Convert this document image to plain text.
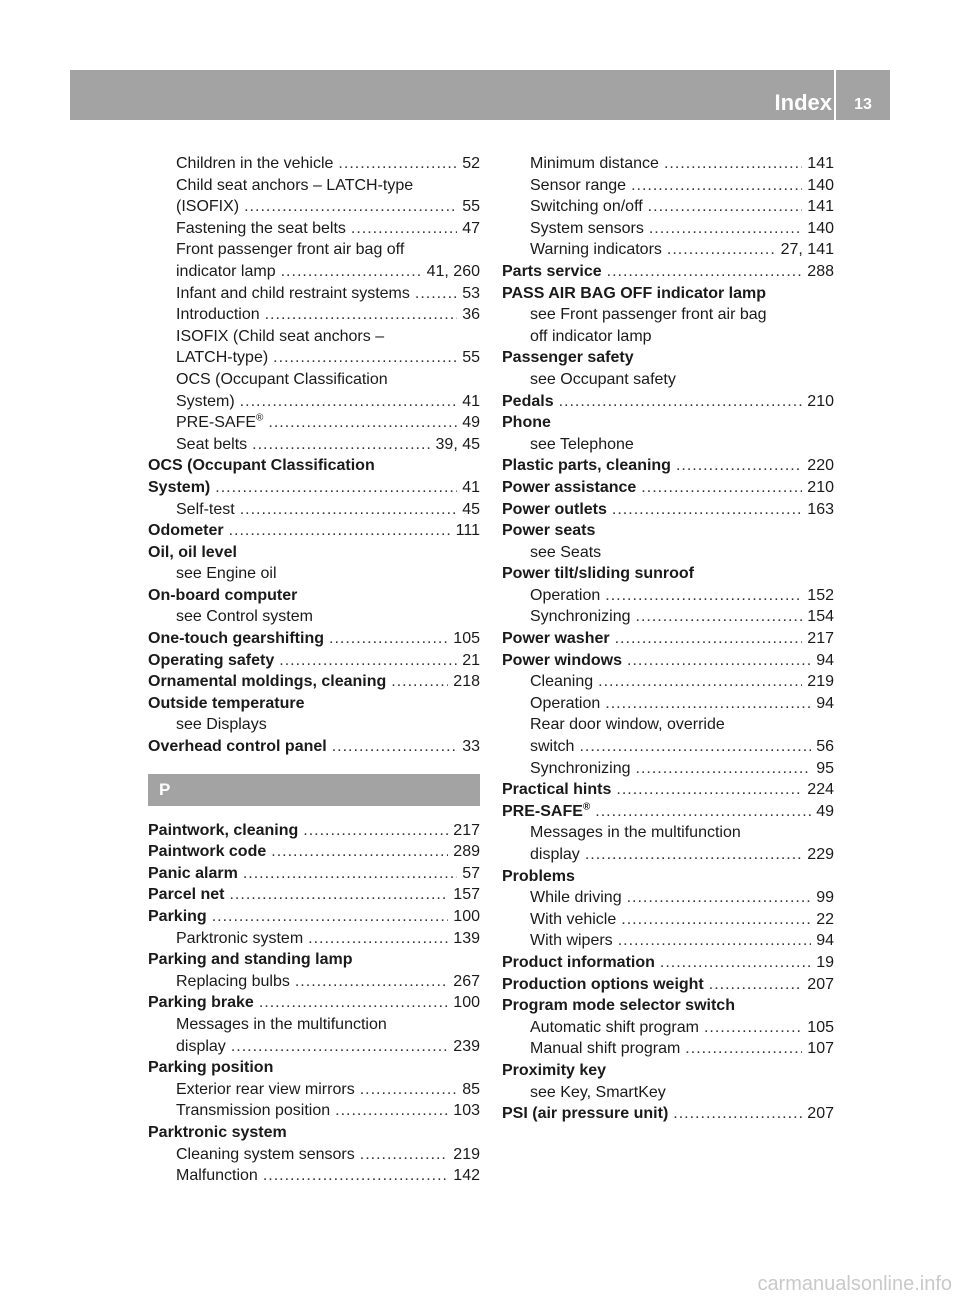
Index	13
Children in the vehicle .....	52
Child seat anchors – LATCH-type
(ISOFIX) .....	55
Fastening the seat belts .....	47
Front passenger front air bag off
indicator lamp .....	41, 260
Infant and child restraint systems .....	53
Introduction .....	36
ISOFIX (Child seat anchors –
LATCH-type) .....	55
OCS (Occupant Classification
System) .....	41
PRE-SAFE® .....	49
Seat belts .....	39, 45
OCS (Occupant Classification
System) .....	41
Self-test .....	45
Odometer .....	111
Oil, oil level
see Engine oil
On-board computer
see Control system
One-touch gearshifting .....	105
Operating safety .....	21
Ornamental moldings, cleaning .....	218
Outside temperature
see Displays
Overhead control panel .....	33
P
Paintwork, cleaning .....	217
Paintwork code .....	289
Panic alarm .....	57
Parcel net .....	157
Parking .....	100
Parktronic system .....	139
Parking and standing lamp
Replacing bulbs .....	267
Parking brake .....	100
Messages in the multifunction
display .....	239
Parking position
Exterior rear view mirrors .....	85
Transmission position .....	103
Parktronic system
Cleaning system sensors .....	219
Malfunction .....	142
Minimum distance .....	141
Sensor range .....	140
Switching on/off .....	141
System sensors .....	140
Warning indicators .....	27, 141
Parts service .....	288
PASS AIR BAG OFF indicator lamp
see Front passenger front air bag
off indicator lamp
Passenger safety
see Occupant safety
Pedals .....	210
Phone
see Telephone
Plastic parts, cleaning .....	220
Power assistance .....	210
Power outlets .....	163
Power seats
see Seats
Power tilt/sliding sunroof
Operation .....	152
Synchronizing .....	154
Power washer .....	217
Power windows .....	94
Cleaning .....	219
Operation .....	94
Rear door window, override
switch .....	56
Synchronizing .....	95
Practical hints .....	224
PRE-SAFE® .....	49
Messages in the multifunction
display .....	229
Problems
While driving .....	99
With vehicle .....	22
With wipers .....	94
Product information .....	19
Production options weight .....	207
Program mode selector switch
Automatic shift program .....	105
Manual shift program .....	107
Proximity key
see Key, SmartKey
PSI (air pressure unit) .....	207
carmanualsonline.info
